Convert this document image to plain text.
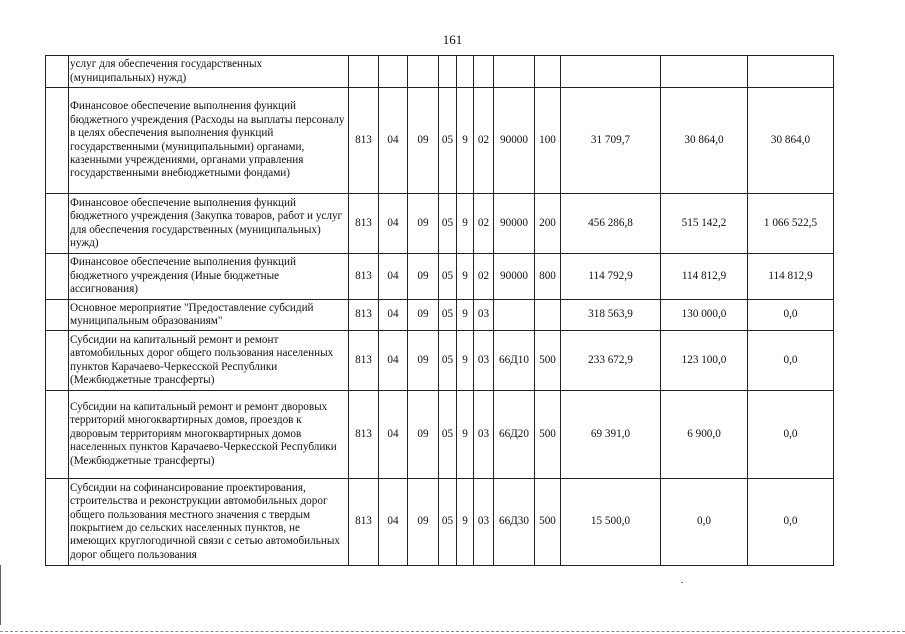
161
	услуг для обеспечения государственных (муниципальных) нужд)											
	Финансовое обеспечение выполнения функций бюджетного учреждения (Расходы на выплаты персоналу в целях обеспечения выполнения функций государственными (муниципальными) органами, казенными учреждениями, органами управления государственными внебюджетными фондами)	813	04	09	05	9	02	90000	100	31 709,7	30 864,0	30 864,0
	Финансовое обеспечение выполнения функций бюджетного учреждения (Закупка товаров, работ и услуг для обеспечения государственных (муниципальных) нужд)	813	04	09	05	9	02	90000	200	456 286,8	515 142,2	1 066 522,5
	Финансовое обеспечение выполнения функций бюджетного учреждения (Иные бюджетные ассигнования)	813	04	09	05	9	02	90000	800	114 792,9	114 812,9	114 812,9
	Основное мероприятие "Предоставление субсидий муниципальным образованиям"	813	04	09	05	9	03			318 563,9	130 000,0	0,0
	Субсидии на капитальный ремонт и ремонт автомобильных дорог общего пользования населенных пунктов Карачаево-Черкесской Республики (Межбюджетные трансферты)	813	04	09	05	9	03	66Д10	500	233 672,9	123 100,0	0,0
	Субсидии на капитальный ремонт и ремонт дворовых территорий многоквартирных домов, проездов к дворовым территориям многоквартирных домов населенных пунктов Карачаево-Черкесской Республики (Межбюджетные трансферты)	813	04	09	05	9	03	66Д20	500	69 391,0	6 900,0	0,0
	Субсидии на софинансирование проектирования, строительства и реконструкции автомобильных дорог общего пользования местного значения с твердым покрытием до сельских населенных пунктов, не имеющих круглогодичной связи с сетью автомобильных дорог общего пользования	813	04	09	05	9	03	66Д30	500	15 500,0	0,0	0,0
